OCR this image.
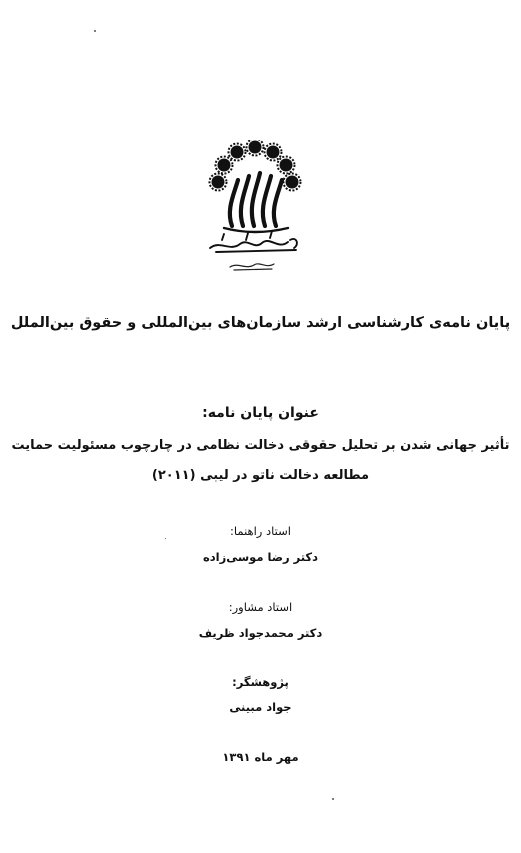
پایان نامه‌ی کارشناسی ارشد سازمان‌های بین‌المللی و حقوق بین‌الملل
عنوان پایان نامه:
تأثیر جهانی شدن بر تحلیل حقوقی دخالت نظامی در چارچوب مسئولیت حمایت
مطالعه دخالت ناتو در لیبی (۲۰۱۱)
استاد راهنما:
دکتر رضا موسی‌زاده
استاد مشاور:
دکتر محمدجواد ظریف
پژوهشگر:
جواد مبینی
مهر ماه ۱۳۹۱
